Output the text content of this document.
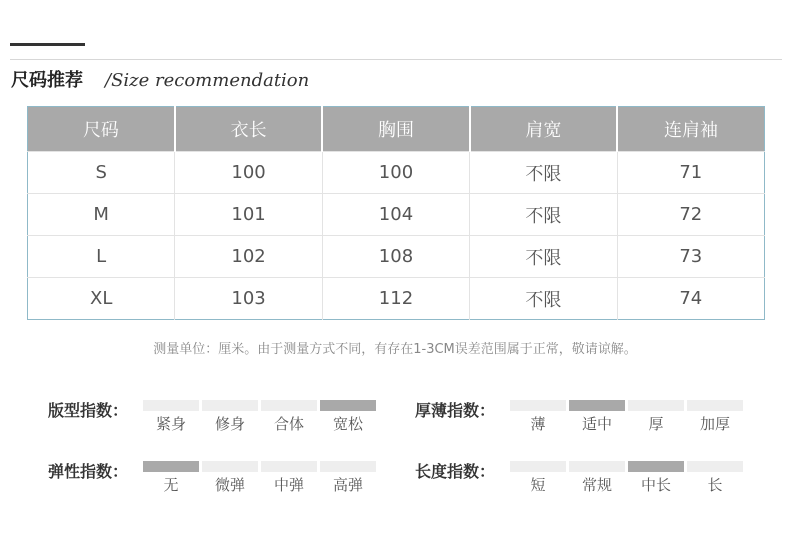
尺码推荐 /Size recommendation
尺码	衣长	胸围	肩宽	连肩袖
S	100	100	不限	71
M	101	104	不限	72
L	102	108	不限	73
XL	103	112	不限	74
测量单位：厘米。由于测量方式不同，有存在1-3CM误差范围属于正常，敬请谅解。
版型指数：
紧身	修身	合体	宽松
厚薄指数：
薄	适中	厚	加厚
弹性指数：
无	微弹	中弹	高弹
长度指数：
短	常规	中长	长
